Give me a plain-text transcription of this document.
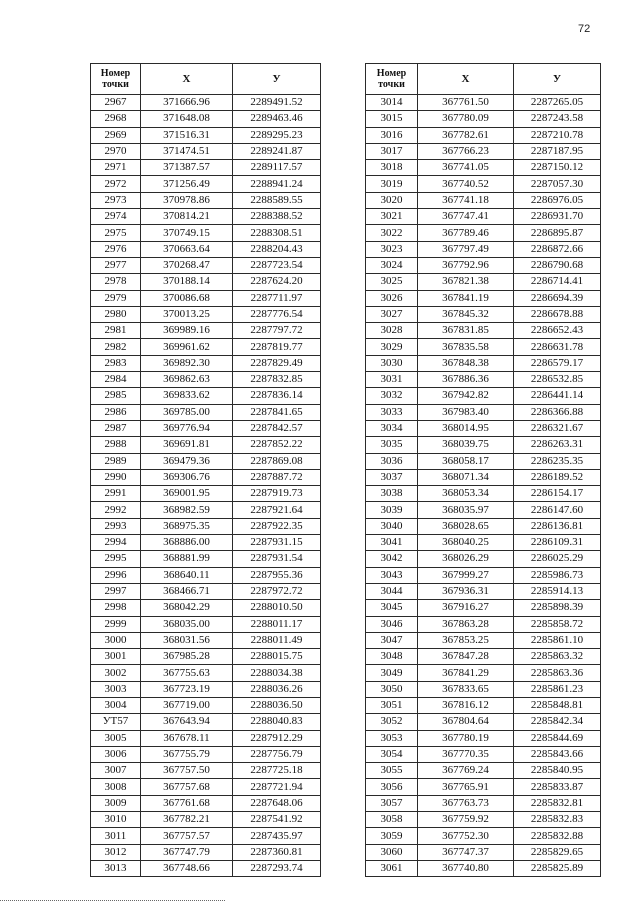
72
Номер
точки	X	У
2967	371666.96	2289491.52
2968	371648.08	2289463.46
2969	371516.31	2289295.23
2970	371474.51	2289241.87
2971	371387.57	2289117.57
2972	371256.49	2288941.24
2973	370978.86	2288589.55
2974	370814.21	2288388.52
2975	370749.15	2288308.51
2976	370663.64	2288204.43
2977	370268.47	2287723.54
2978	370188.14	2287624.20
2979	370086.68	2287711.97
2980	370013.25	2287776.54
2981	369989.16	2287797.72
2982	369961.62	2287819.77
2983	369892.30	2287829.49
2984	369862.63	2287832.85
2985	369833.62	2287836.14
2986	369785.00	2287841.65
2987	369776.94	2287842.57
2988	369691.81	2287852.22
2989	369479.36	2287869.08
2990	369306.76	2287887.72
2991	369001.95	2287919.73
2992	368982.59	2287921.64
2993	368975.35	2287922.35
2994	368886.00	2287931.15
2995	368881.99	2287931.54
2996	368640.11	2287955.36
2997	368466.71	2287972.72
2998	368042.29	2288010.50
2999	368035.00	2288011.17
3000	368031.56	2288011.49
3001	367985.28	2288015.75
3002	367755.63	2288034.38
3003	367723.19	2288036.26
3004	367719.00	2288036.50
УТ57	367643.94	2288040.83
3005	367678.11	2287912.29
3006	367755.79	2287756.79
3007	367757.50	2287725.18
3008	367757.68	2287721.94
3009	367761.68	2287648.06
3010	367782.21	2287541.92
3011	367757.57	2287435.97
3012	367747.79	2287360.81
3013	367748.66	2287293.74
Номер
точки	X	У
3014	367761.50	2287265.05
3015	367780.09	2287243.58
3016	367782.61	2287210.78
3017	367766.23	2287187.95
3018	367741.05	2287150.12
3019	367740.52	2287057.30
3020	367741.18	2286976.05
3021	367747.41	2286931.70
3022	367789.46	2286895.87
3023	367797.49	2286872.66
3024	367792.96	2286790.68
3025	367821.38	2286714.41
3026	367841.19	2286694.39
3027	367845.32	2286678.88
3028	367831.85	2286652.43
3029	367835.58	2286631.78
3030	367848.38	2286579.17
3031	367886.36	2286532.85
3032	367942.82	2286441.14
3033	367983.40	2286366.88
3034	368014.95	2286321.67
3035	368039.75	2286263.31
3036	368058.17	2286235.35
3037	368071.34	2286189.52
3038	368053.34	2286154.17
3039	368035.97	2286147.60
3040	368028.65	2286136.81
3041	368040.25	2286109.31
3042	368026.29	2286025.29
3043	367999.27	2285986.73
3044	367936.31	2285914.13
3045	367916.27	2285898.39
3046	367863.28	2285858.72
3047	367853.25	2285861.10
3048	367847.28	2285863.32
3049	367841.29	2285863.36
3050	367833.65	2285861.23
3051	367816.12	2285848.81
3052	367804.64	2285842.34
3053	367780.19	2285844.69
3054	367770.35	2285843.66
3055	367769.24	2285840.95
3056	367765.91	2285833.87
3057	367763.73	2285832.81
3058	367759.92	2285832.83
3059	367752.30	2285832.88
3060	367747.37	2285829.65
3061	367740.80	2285825.89
